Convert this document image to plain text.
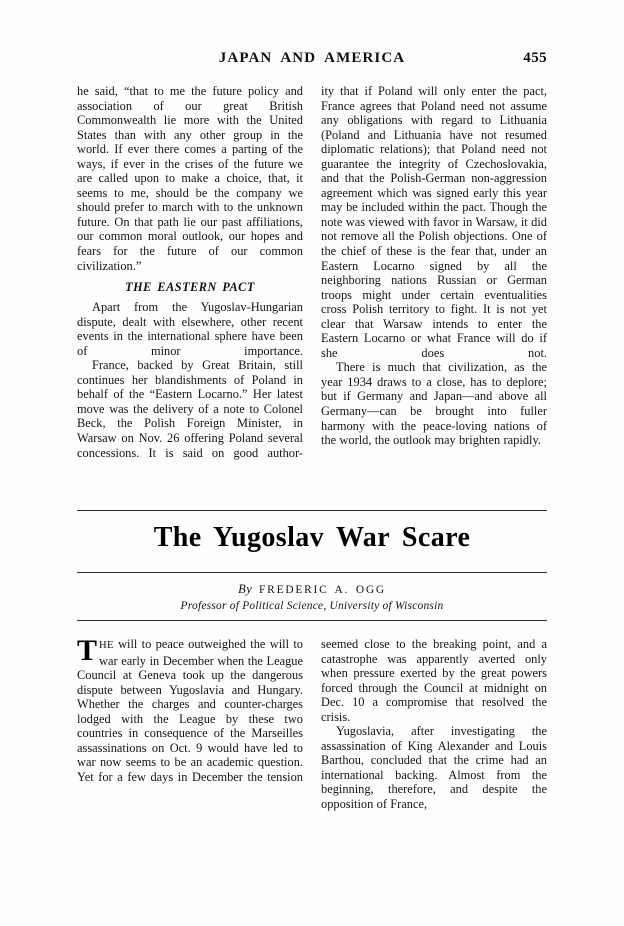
JAPAN AND AMERICA	455

he said, “that to me the future policy and association of our great British Commonwealth lie more with the United States than with any other group in the world. If ever there comes a parting of the ways, if ever in the crises of the future we are called upon to make a choice, that, it seems to me, should be the company we should prefer to march with to the unknown future. On that path lie our past affiliations, our common moral outlook, our hopes and fears for the future of our common civilization.”

THE EASTERN PACT

Apart from the Yugoslav-Hungarian dispute, dealt with elsewhere, other recent events in the international sphere have been of minor importance.

France, backed by Great Britain, still continues her blandishments of Poland in behalf of the “Eastern Locarno.” Her latest move was the delivery of a note to Colonel Beck, the Polish Foreign Minister, in Warsaw on Nov. 26 offering Poland several concessions. It is said on good author-

ity that if Poland will only enter the pact, France agrees that Poland need not assume any obligations with regard to Lithuania (Poland and Lithuania have not resumed diplomatic relations); that Poland need not guarantee the integrity of Czechoslovakia, and that the Polish-German non-aggression agreement which was signed early this year may be included within the pact. Though the note was viewed with favor in Warsaw, it did not remove all the Polish objections. One of the chief of these is the fear that, under an Eastern Locarno signed by all the neighboring nations Russian or German troops might under certain eventualities cross Polish territory to fight. It is not yet clear that Warsaw intends to enter the Eastern Locarno or what France will do if she does not.

There is much that civilization, as the year 1934 draws to a close, has to deplore; but if Germany and Japan—and above all Germany—can be brought into fuller harmony with the peace-loving nations of the world, the outlook may brighten rapidly.

The Yugoslav War Scare
By FREDERIC A. OGG
Professor of Political Science, University of Wisconsin

THE will to peace outweighed the will to war early in December when the League Council at Geneva took up the dangerous dispute between Yugoslavia and Hungary. Whether the charges and counter-charges lodged with the League by these two countries in consequence of the Marseilles assassinations on Oct. 9 would have led to war now seems to be an academic question. Yet for a few days in December the tension

seemed close to the breaking point, and a catastrophe was apparently averted only when pressure exerted by the great powers forced through the Council at midnight on Dec. 10 a compromise that resolved the crisis.

Yugoslavia, after investigating the assassination of King Alexander and Louis Barthou, concluded that the crime had an international backing. Almost from the beginning, therefore, and despite the opposition of France,
